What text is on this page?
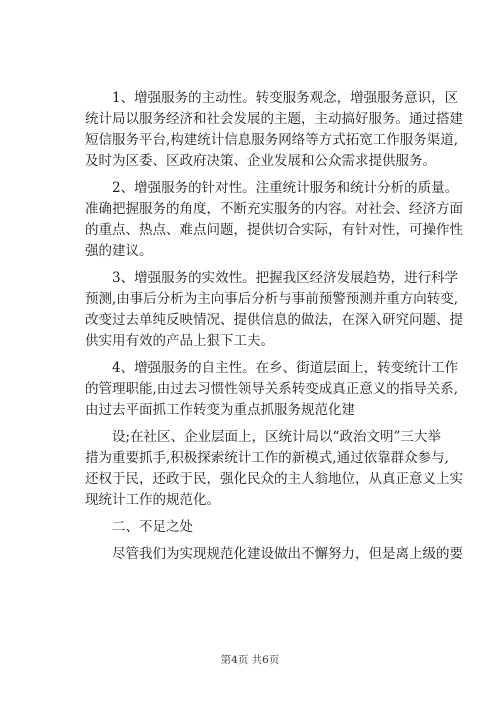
1、增强服务的主动性。转变服务观念，增强服务意识，区
统计局以服务经济和社会发展的主题，主动搞好服务。通过搭建
短信服务平台,构建统计信息服务网络等方式拓宽工作服务渠道,
及时为区委、区政府决策、企业发展和公众需求提供服务。
2、增强服务的针对性。注重统计服务和统计分析的质量。
准确把握服务的角度，不断充实服务的内容。对社会、经济方面
的重点、热点、难点问题，提供切合实际，有针对性，可操作性
强的建议。
3、增强服务的实效性。把握我区经济发展趋势，进行科学
预测,由事后分析为主向事后分析与事前预警预测并重方向转变,
改变过去单纯反映情况、提供信息的做法，在深入研究问题、提
供实用有效的产品上狠下工夫。
4、增强服务的自主性。在乡、街道层面上，转变统计工作
的管理职能,由过去习惯性领导关系转变成真正意义的指导关系,
由过去平面抓工作转变为重点抓服务规范化建
设;在社区、企业层面上，区统计局以“政治文明”三大举
措为重要抓手,积极探索统计工作的新模式,通过依靠群众参与,
还权于民，还政于民，强化民众的主人翁地位，从真正意义上实
现统计工作的规范化。
二、不足之处
尽管我们为实现规范化建设做出不懈努力，但是离上级的要
第4页 共6页
